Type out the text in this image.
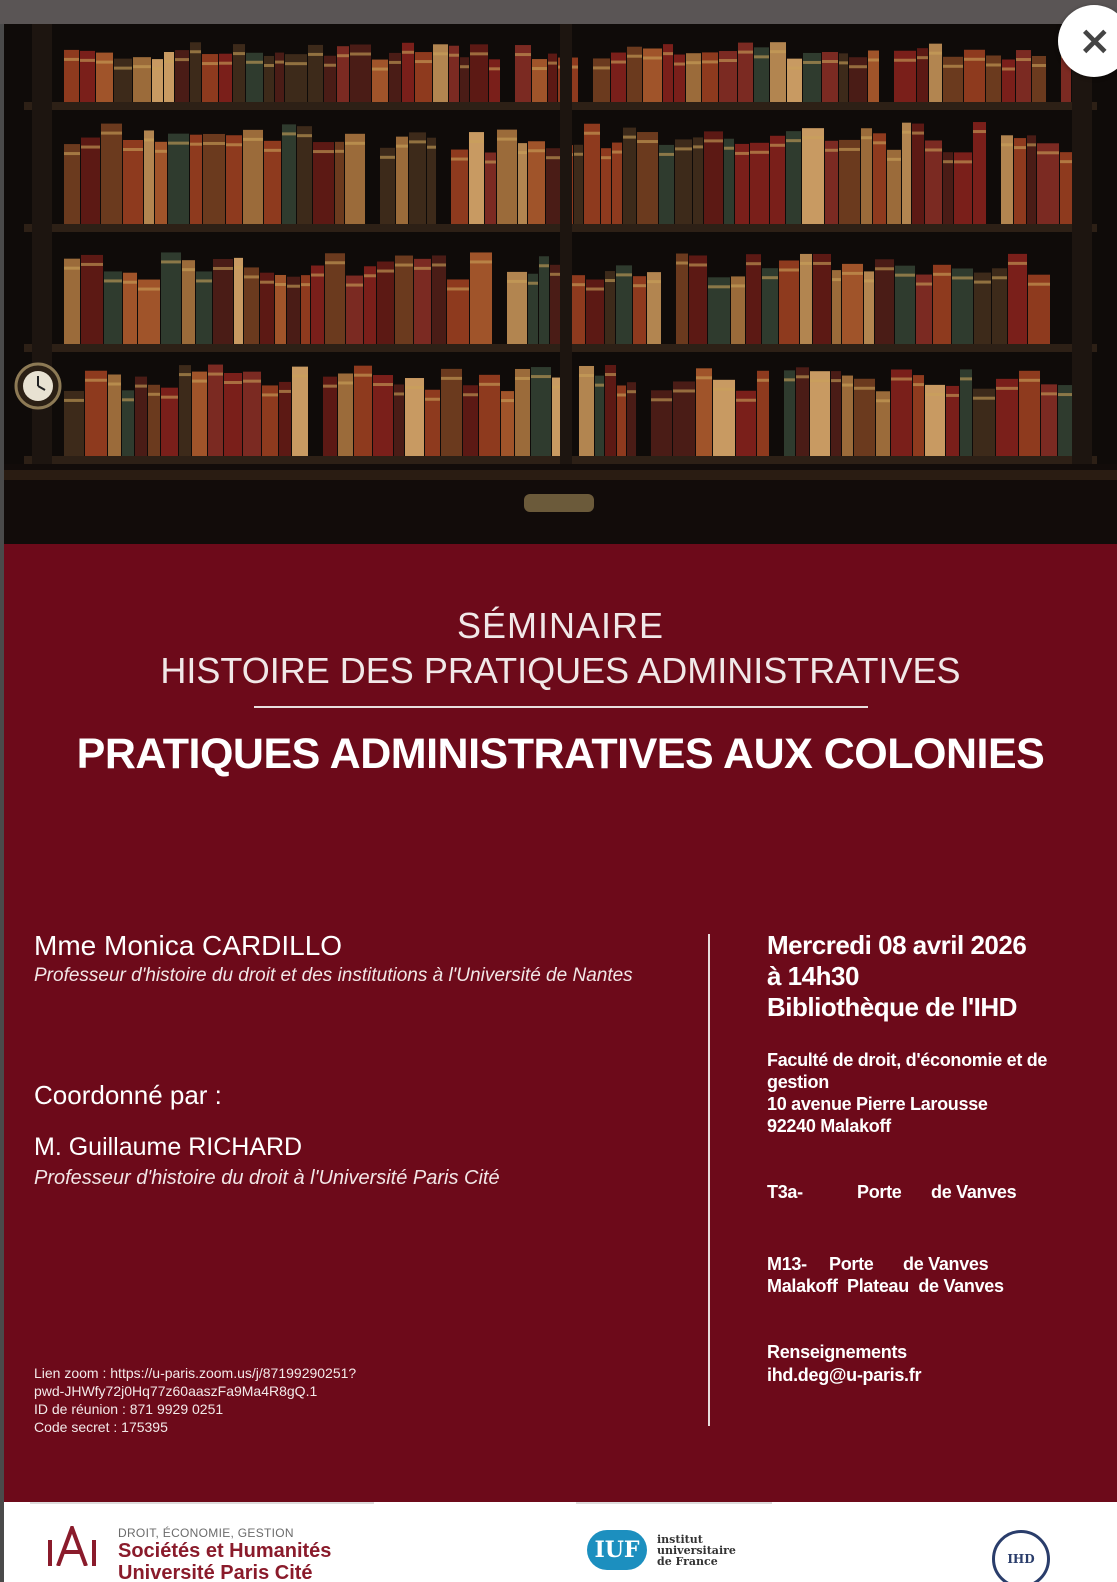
SÉMINAIRE
HISTOIRE DES PRATIQUES ADMINISTRATIVES
PRATIQUES ADMINISTRATIVES AUX COLONIES
Mme Monica CARDILLO
Professeur d'histoire du droit et des institutions à l'Université de Nantes
Coordonné par :
M. Guillaume RICHARD
Professeur d'histoire du droit à l'Université Paris Cité
Lien zoom : https://u-paris.zoom.us/j/87199290251?
pwd-JHWfy72j0Hq77z60aaszFa9Ma4R8gQ.1
ID de réunion : 871 9929 0251
Code secret : 175395
Mercredi 08 avril 2026
à 14h30
Bibliothèque de l'IHD
Faculté de droit, d'économie et de gestion
10 avenue Pierre Larousse
92240 Malakoff
T3a-	Porte	de Vanves
M13-	Porte	de Vanves
Malakoff  Plateau  de Vanves
Renseignements
ihd.deg@u-paris.fr
DROIT, ÉCONOMIE, GESTION
Sociétés et Humanités
Université Paris Cité
IUF	institut
universitaire
de France	IHD
×
